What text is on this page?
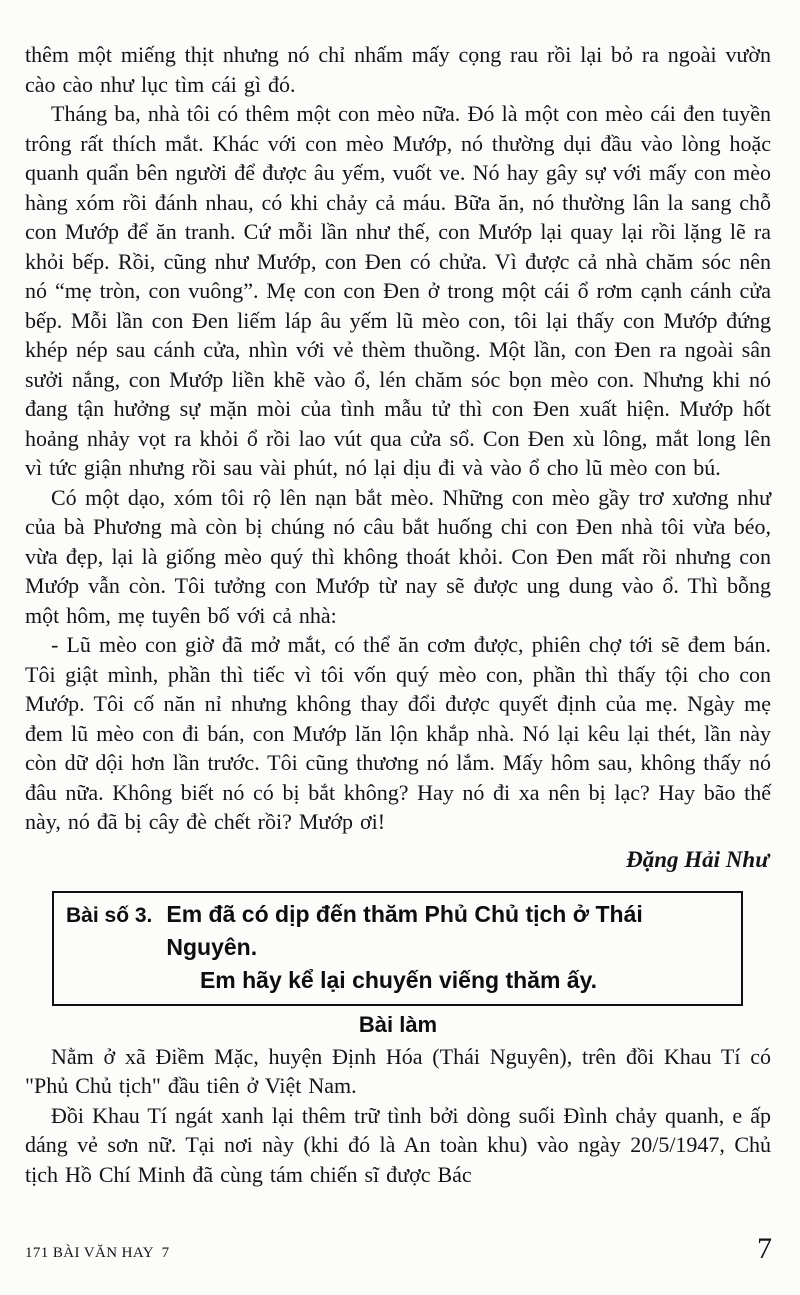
thêm một miếng thịt nhưng nó chỉ nhấm mấy cọng rau rồi lại bỏ ra ngoài vườn cào cào như lục tìm cái gì đó.

Tháng ba, nhà tôi có thêm một con mèo nữa. Đó là một con mèo cái đen tuyền trông rất thích mắt. Khác với con mèo Mướp, nó thường dụi đầu vào lòng hoặc quanh quẩn bên người để được âu yếm, vuốt ve. Nó hay gây sự với mấy con mèo hàng xóm rồi đánh nhau, có khi chảy cả máu. Bữa ăn, nó thường lân la sang chỗ con Mướp để ăn tranh. Cứ mỗi lần như thế, con Mướp lại quay lại rồi lặng lẽ ra khỏi bếp. Rồi, cũng như Mướp, con Đen có chửa. Vì được cả nhà chăm sóc nên nó “mẹ tròn, con vuông”. Mẹ con con Đen ở trong một cái ổ rơm cạnh cánh cửa bếp. Mỗi lần con Đen liếm láp âu yếm lũ mèo con, tôi lại thấy con Mướp đứng khép nép sau cánh cửa, nhìn với vẻ thèm thuồng. Một lần, con Đen ra ngoài sân sưởi nắng, con Mướp liền khẽ vào ổ, lén chăm sóc bọn mèo con. Nhưng khi nó đang tận hưởng sự mặn mòi của tình mẫu tử thì con Đen xuất hiện. Mướp hốt hoảng nhảy vọt ra khỏi ổ rồi lao vút qua cửa sổ. Con Đen xù lông, mắt long lên vì tức giận nhưng rồi sau vài phút, nó lại dịu đi và vào ổ cho lũ mèo con bú.

Có một dạo, xóm tôi rộ lên nạn bắt mèo. Những con mèo gầy trơ xương như của bà Phương mà còn bị chúng nó câu bắt huống chi con Đen nhà tôi vừa béo, vừa đẹp, lại là giống mèo quý thì không thoát khỏi. Con Đen mất rồi nhưng con Mướp vẫn còn. Tôi tưởng con Mướp từ nay sẽ được ung dung vào ổ. Thì bỗng một hôm, mẹ tuyên bố với cả nhà:

- Lũ mèo con giờ đã mở mắt, có thể ăn cơm được, phiên chợ tới sẽ đem bán. Tôi giật mình, phần thì tiếc vì tôi vốn quý mèo con, phần thì thấy tội cho con Mướp. Tôi cố năn nỉ nhưng không thay đổi được quyết định của mẹ. Ngày mẹ đem lũ mèo con đi bán, con Mướp lăn lộn khắp nhà. Nó lại kêu lại thét, lần này còn dữ dội hơn lần trước. Tôi cũng thương nó lắm. Mấy hôm sau, không thấy nó đâu nữa. Không biết nó có bị bắt không? Hay nó đi xa nên bị lạc? Hay bão thế này, nó đã bị cây đè chết rồi? Mướp ơi!

Đặng Hải Như

Bài số 3. Em đã có dịp đến thăm Phủ Chủ tịch ở Thái Nguyên.
Em hãy kể lại chuyến viếng thăm ấy.
Bài làm

Nằm ở xã Điềm Mặc, huyện Định Hóa (Thái Nguyên), trên đồi Khau Tí có "Phủ Chủ tịch" đầu tiên ở Việt Nam.

Đồi Khau Tí ngát xanh lại thêm trữ tình bởi dòng suối Đình chảy quanh, e ấp dáng vẻ sơn nữ. Tại nơi này (khi đó là An toàn khu) vào ngày 20/5/1947, Chủ tịch Hồ Chí Minh đã cùng tám chiến sĩ được Bác

171 BÀI VĂN HAY  7	7
